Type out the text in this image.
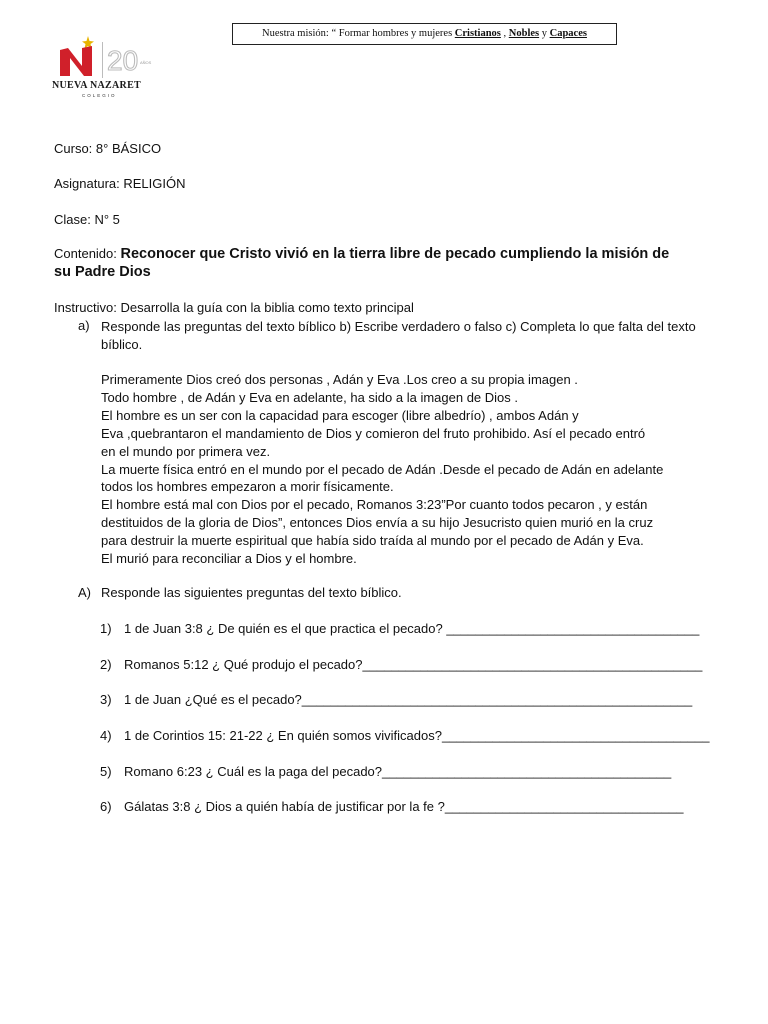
Nuestra misión: “ Formar hombres y mujeres Cristianos , Nobles y Capaces
20 AÑOS
NUEVA NAZARET
COLEGIO
Curso: 8° BÁSICO
Asignatura: RELIGIÓN
Clase: N° 5
Contenido: Reconocer que Cristo vivió en la tierra libre de pecado cumpliendo la misión de
su Padre Dios
Instructivo: Desarrolla la guía con la biblia como texto principal
a) Responde las preguntas del texto bíblico b) Escribe verdadero o falso c) Completa lo que falta del texto bíblico.
Primeramente Dios creó dos personas , Adán y Eva .Los creo a su propia imagen .
Todo hombre , de Adán y Eva en adelante, ha sido a la imagen de Dios .
El hombre es un ser con la capacidad para escoger (libre albedrío) , ambos Adán y
Eva ,quebrantaron el mandamiento de Dios y comieron del fruto prohibido. Así el pecado entró
en el mundo por primera vez.
La muerte física entró en el mundo por el pecado de Adán .Desde el pecado de Adán en adelante
todos los hombres empezaron a morir físicamente.
El hombre está mal con Dios por el pecado, Romanos 3:23”Por cuanto todos pecaron , y están
destituidos de la gloria de Dios”, entonces Dios envía a su hijo Jesucristo quien murió en la cruz
para destruir la muerte espiritual que había sido traída al mundo por el pecado de Adán y Eva.
El murió para reconciliar a Dios y el hombre.
A) Responde las siguientes preguntas del texto bíblico.
1) 1 de Juan 3:8 ¿ De quién es el que practica el pecado? ___________________________________
2) Romanos 5:12 ¿ Qué produjo el pecado?_______________________________________________
3) 1 de Juan ¿Qué es el pecado?______________________________________________________
4) 1 de Corintios 15: 21-22 ¿ En quién somos vivificados?_____________________________________
5) Romano 6:23 ¿ Cuál es la paga del pecado?________________________________________
6) Gálatas 3:8 ¿ Dios a quién había de justificar por la fe ?_________________________________
